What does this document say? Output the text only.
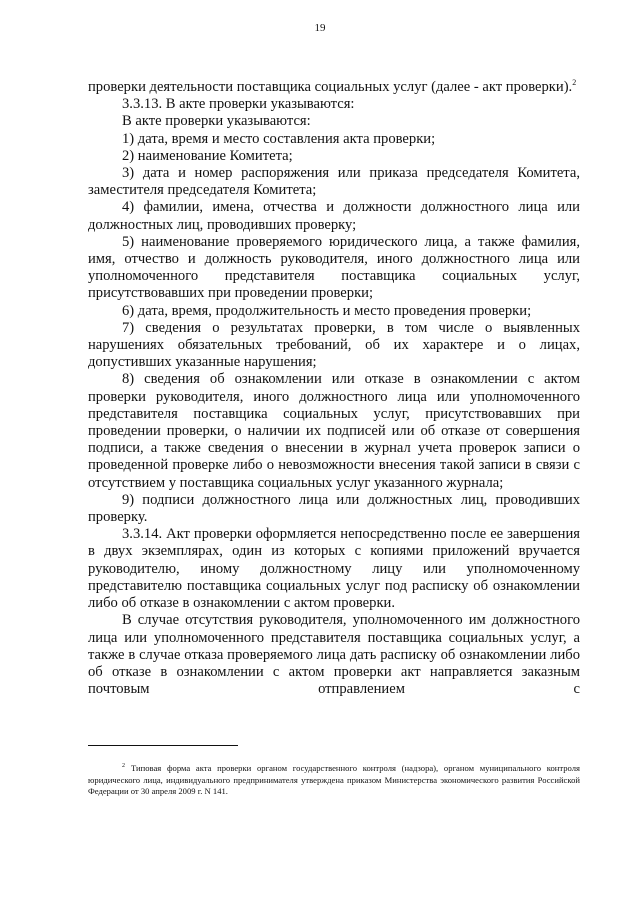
19

проверки деятельности поставщика социальных услуг (далее - акт проверки).$^2$

3.3.13. В акте проверки указываются:

В акте проверки указываются:

1) дата, время и место составления акта проверки;

2) наименование Комитета;

3) дата и номер распоряжения или приказа председателя Комитета, заместителя председателя Комитета;

4) фамилии, имена, отчества и должности должностного лица или должностных лиц, проводивших проверку;

5) наименование проверяемого юридического лица, а также фамилия, имя, отчество и должность руководителя, иного должностного лица или уполномоченного представителя поставщика социальных услуг, присутствовавших при проведении проверки;

6) дата, время, продолжительность и место проведения проверки;

7) сведения о результатах проверки, в том числе о выявленных нарушениях обязательных требований, об их характере и о лицах, допустивших указанные нарушения;

8) сведения об ознакомлении или отказе в ознакомлении с актом проверки руководителя, иного должностного лица или уполномоченного представителя поставщика социальных услуг, присутствовавших при проведении проверки, о наличии их подписей или об отказе от совершения подписи, а также сведения о внесении в журнал учета проверок записи о проведенной проверке либо о невозможности внесения такой записи в связи с отсутствием у поставщика социальных услуг указанного журнала;

9) подписи должностного лица или должностных лиц, проводивших проверку.

3.3.14. Акт проверки оформляется непосредственно после ее завершения в двух экземплярах, один из которых с копиями приложений вручается руководителю, иному должностному лицу или уполномоченному представителю поставщика социальных услуг под расписку об ознакомлении либо об отказе в ознакомлении с актом проверки.

В случае отсутствия руководителя, уполномоченного им должностного лица или уполномоченного представителя поставщика социальных услуг, а также в случае отказа проверяемого лица дать расписку об ознакомлении либо об отказе в ознакомлении с актом проверки акт направляется заказным почтовым отправлением с

$^2$ Типовая форма акта проверки органом государственного контроля (надзора), органом муниципального контроля юридического лица, индивидуального предпринимателя утверждена приказом Министерства экономического развития Российской Федерации от 30 апреля 2009 г. N 141.
